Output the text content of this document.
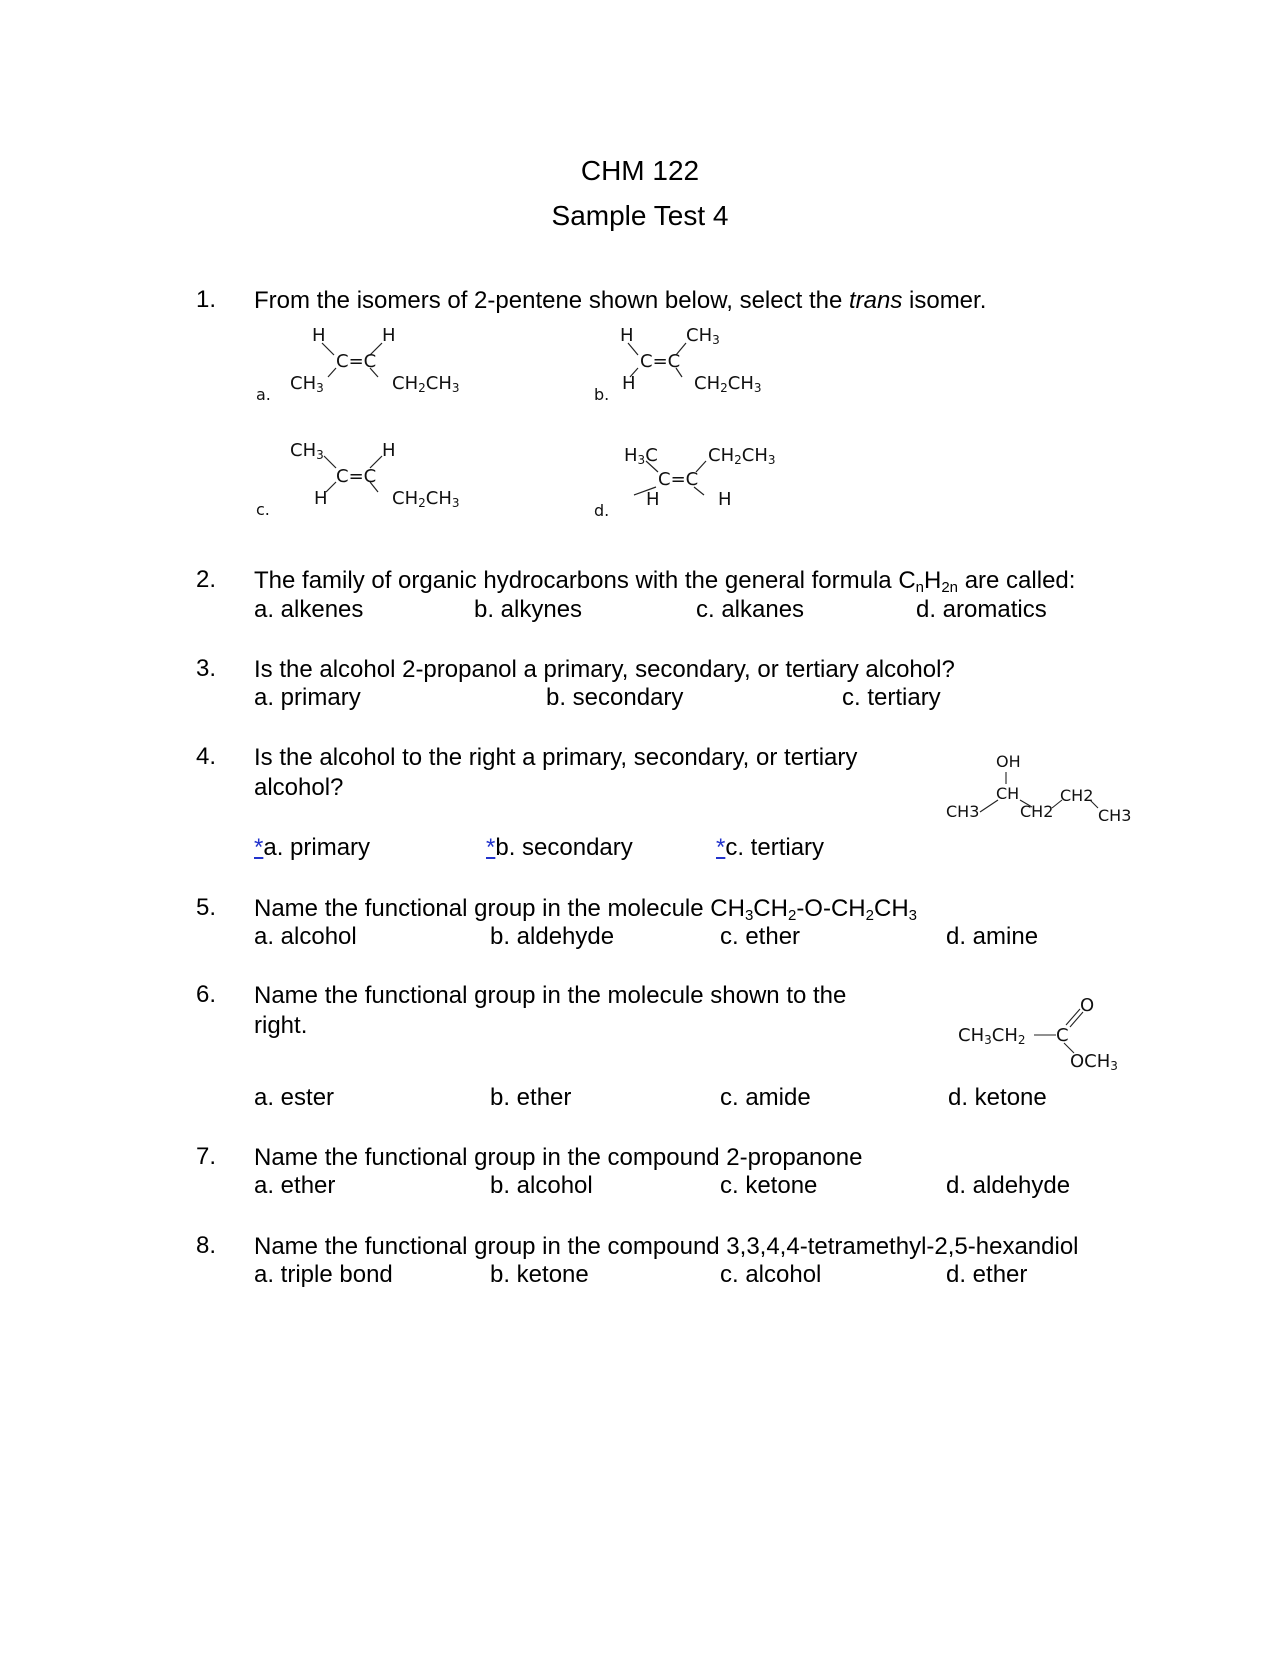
CHM 122
Sample Test 4
1. From the isomers of 2-pentene shown below, select the trans isomer.
H	H
C=C
$CH_3$	$CH_2CH_3$
a.
H	$CH_3$
C=C
H	$CH_2CH_3$
b.
$CH_3$	H
C=C
H	$CH_2CH_3$
c.
$H_3C$	$CH_2CH_3$
C=C
H	H
d.
2. The family of organic hydrocarbons with the general formula $C_nH_{2n}$ are called:
a. alkenes	b. alkynes	c. alkanes	d. aromatics
3. Is the alcohol 2-propanol a primary, secondary, or tertiary alcohol?
a. primary	b. secondary	c. tertiary
4. Is the alcohol to the right a primary, secondary, or tertiary
alcohol?
OH
CH
CH3	CH2
CH2
CH3
*a. primary	*b. secondary	*c. tertiary
5. Name the functional group in the molecule $CH_3CH_2-O-CH_2CH_3$
a. alcohol	b. aldehyde	c. ether	d. amine
6. Name the functional group in the molecule shown to the
right.	$CH_3CH_2$ C
O
$OCH_3$
a. ester	b. ether	c. amide	d. ketone
7. Name the functional group in the compound 2-propanone
a. ether	b. alcohol	c. ketone	d. aldehyde
8. Name the functional group in the compound 3,3,4,4-tetramethyl-2,5-hexandiol
a. triple bond	b. ketone	c. alcohol	d. ether
